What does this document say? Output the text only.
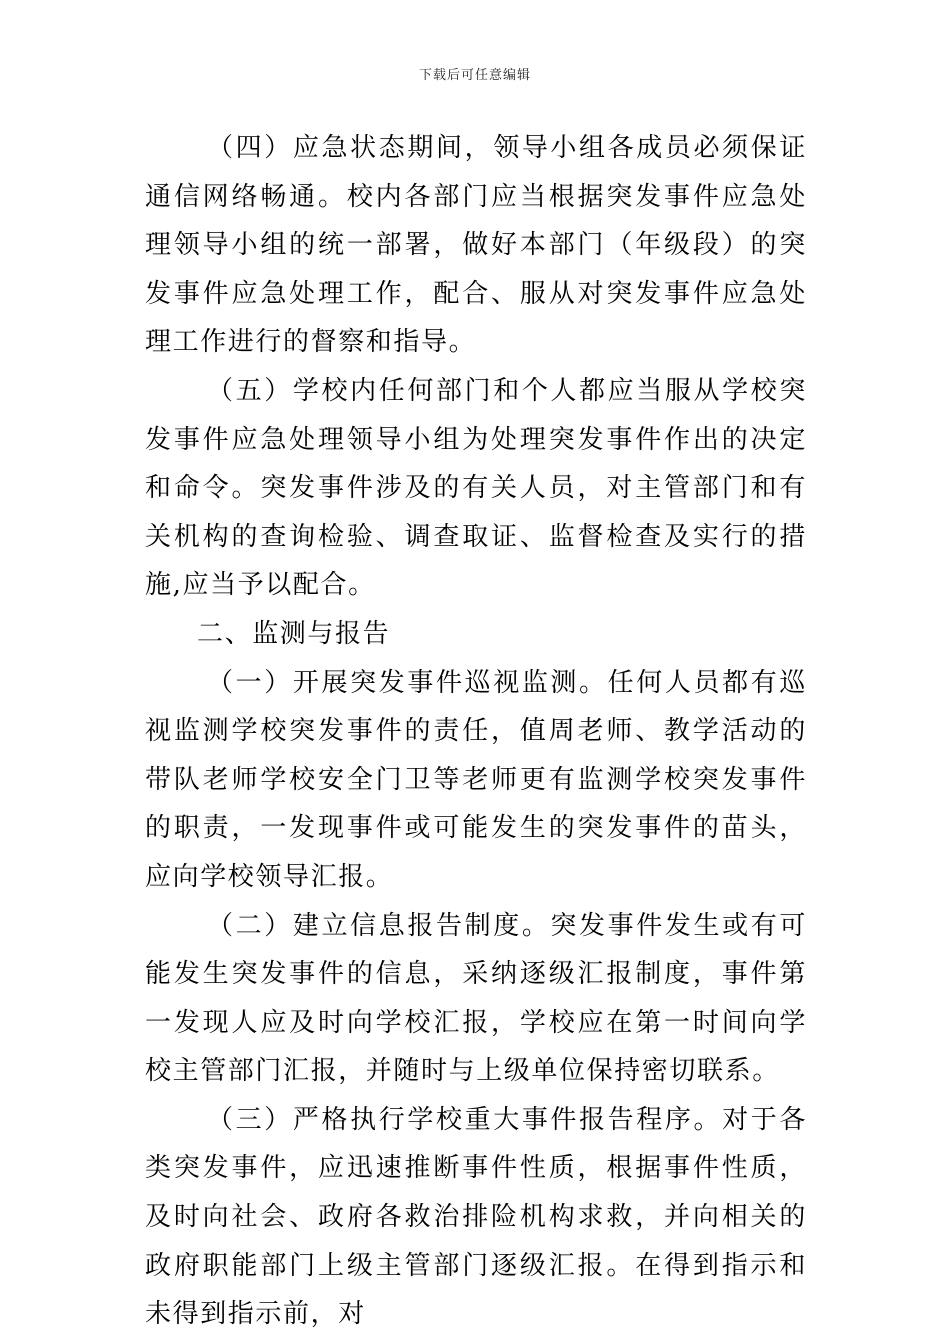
下载后可任意编辑

（四）应急状态期间，领导小组各成员必须保证通信网络畅通。校内各部门应当根据突发事件应急处理领导小组的统一部署，做好本部门（年级段）的突发事件应急处理工作，配合、服从对突发事件应急处理工作进行的督察和指导。

（五）学校内任何部门和个人都应当服从学校突发事件应急处理领导小组为处理突发事件作出的决定和命令。突发事件涉及的有关人员，对主管部门和有关机构的查询检验、调查取证、监督检查及实行的措施,应当予以配合。

二、监测与报告

（一）开展突发事件巡视监测。任何人员都有巡视监测学校突发事件的责任，值周老师、教学活动的带队老师学校安全门卫等老师更有监测学校突发事件的职责，一发现事件或可能发生的突发事件的苗头，应向学校领导汇报。

（二）建立信息报告制度。突发事件发生或有可能发生突发事件的信息，采纳逐级汇报制度，事件第一发现人应及时向学校汇报，学校应在第一时间向学校主管部门汇报，并随时与上级单位保持密切联系。

（三）严格执行学校重大事件报告程序。对于各类突发事件，应迅速推断事件性质，根据事件性质，及时向社会、政府各救治排险机构求救，并向相关的政府职能部门上级主管部门逐级汇报。在得到指示和未得到指示前，对
